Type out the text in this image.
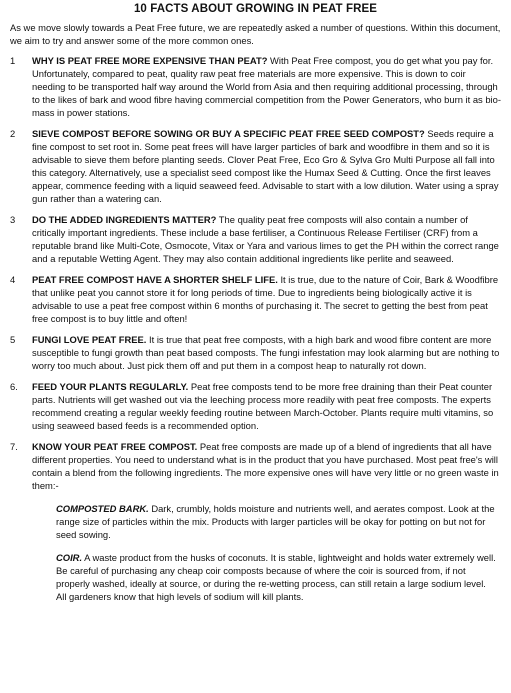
10 FACTS ABOUT GROWING IN PEAT FREE

As we move slowly towards a Peat Free future, we are repeatedly asked a number of questions. Within this document, we aim to try and answer some of the more common ones.

1	WHY IS PEAT FREE MORE EXPENSIVE THAN PEAT? With Peat Free compost, you do get what you pay for. Unfortunately, compared to peat, quality raw peat free materials are more expensive. This is down to coir needing to be transported half way around the World from Asia and then requiring additional processing, through to the likes of bark and wood fibre having commercial competition from the Power Generators, who burn it as bio-mass in power stations.
2	SIEVE COMPOST BEFORE SOWING OR BUY A SPECIFIC PEAT FREE SEED COMPOST? Seeds require a fine compost to set root in. Some peat frees will have larger particles of bark and woodfibre in them and so it is advisable to sieve them before planting seeds. Clover Peat Free, Eco Gro & Sylva Gro Multi Purpose all fall into this category. Alternatively, use a specialist seed compost like the Humax Seed & Cutting. Once the first leaves appear, commence feeding with a liquid seaweed feed. Advisable to start with a low dilution. Water using a spray gun rather than a watering can.
3	DO THE ADDED INGREDIENTS MATTER? The quality peat free composts will also contain a number of critically important ingredients. These include a base fertiliser, a Continuous Release Fertiliser (CRF) from a reputable brand like Multi-Cote, Osmocote, Vitax or Yara and various limes to get the PH within the correct range and a reputable Wetting Agent. They may also contain additional ingredients like perlite and seaweed.
4	PEAT FREE COMPOST HAVE A SHORTER SHELF LIFE. It is true, due to the nature of Coir, Bark & Woodfibre that unlike peat you cannot store it for long periods of time. Due to ingredients being biologically active it is advisable to use a peat free compost within 6 months of purchasing it. The secret to getting the best from peat free compost is to buy little and often!
5	FUNGI LOVE PEAT FREE. It is true that peat free composts, with a high bark and wood fibre content are more susceptible to fungi growth than peat based composts. The fungi infestation may look alarming but are nothing to worry too much about. Just pick them off and put them in a compost heap to naturally rot down.
6.	FEED YOUR PLANTS REGULARLY. Peat free composts tend to be more free draining than their Peat counter parts. Nutrients will get washed out via the leeching process more readily with peat free composts. The experts recommend creating a regular weekly feeding routine between March-October. Plants require multi vitamins, so using seaweed based feeds is a recommended option.
7.	KNOW YOUR PEAT FREE COMPOST. Peat free composts are made up of a blend of ingredients that all have different properties. You need to understand what is in the product that you have purchased. Most peat free's will contain a blend from the following ingredients. The more expensive ones will have very little or no green waste in them:-
COMPOSTED BARK. Dark, crumbly, holds moisture and nutrients well, and aerates compost. Look at the range size of particles within the mix. Products with larger particles will be okay for potting on but not for seed sowing.
COIR. A waste product from the husks of coconuts. It is stable, lightweight and holds water extremely well. Be careful of purchasing any cheap coir composts because of where the coir is sourced from, if not properly washed, ideally at source, or during the re-wetting process, can still retain a large sodium level. All gardeners know that high levels of sodium will kill plants.
